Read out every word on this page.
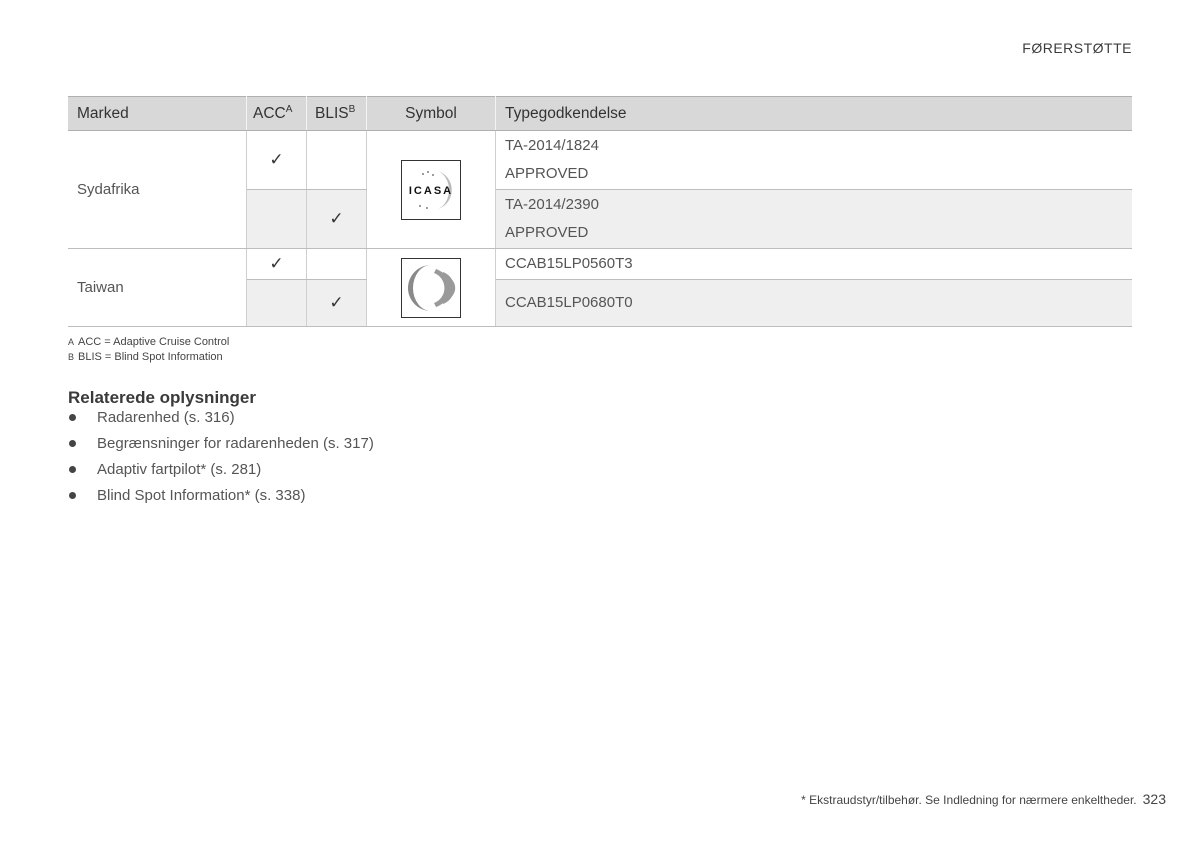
FØRERSTØTTE
Marked	$ACC^A$	$BLIS^B$	Symbol	Typegodkendelse
Sydafrika	✓		ICASA	TA-2014/1824
APPROVED

		✓		TA-2014/2390
APPROVED

Taiwan	✓			CCAB15LP0560T3

		✓		CCAB15LP0680T0
A ACC = Adaptive Cruise Control
B BLIS = Blind Spot Information
Relaterede oplysninger
Radarenhed (s. 316)
Begrænsninger for radarenheden (s. 317)
Adaptiv fartpilot* (s. 281)
Blind Spot Information* (s. 338)
* Ekstraudstyr/tilbehør. Se Indledning for nærmere enkeltheder. 323
